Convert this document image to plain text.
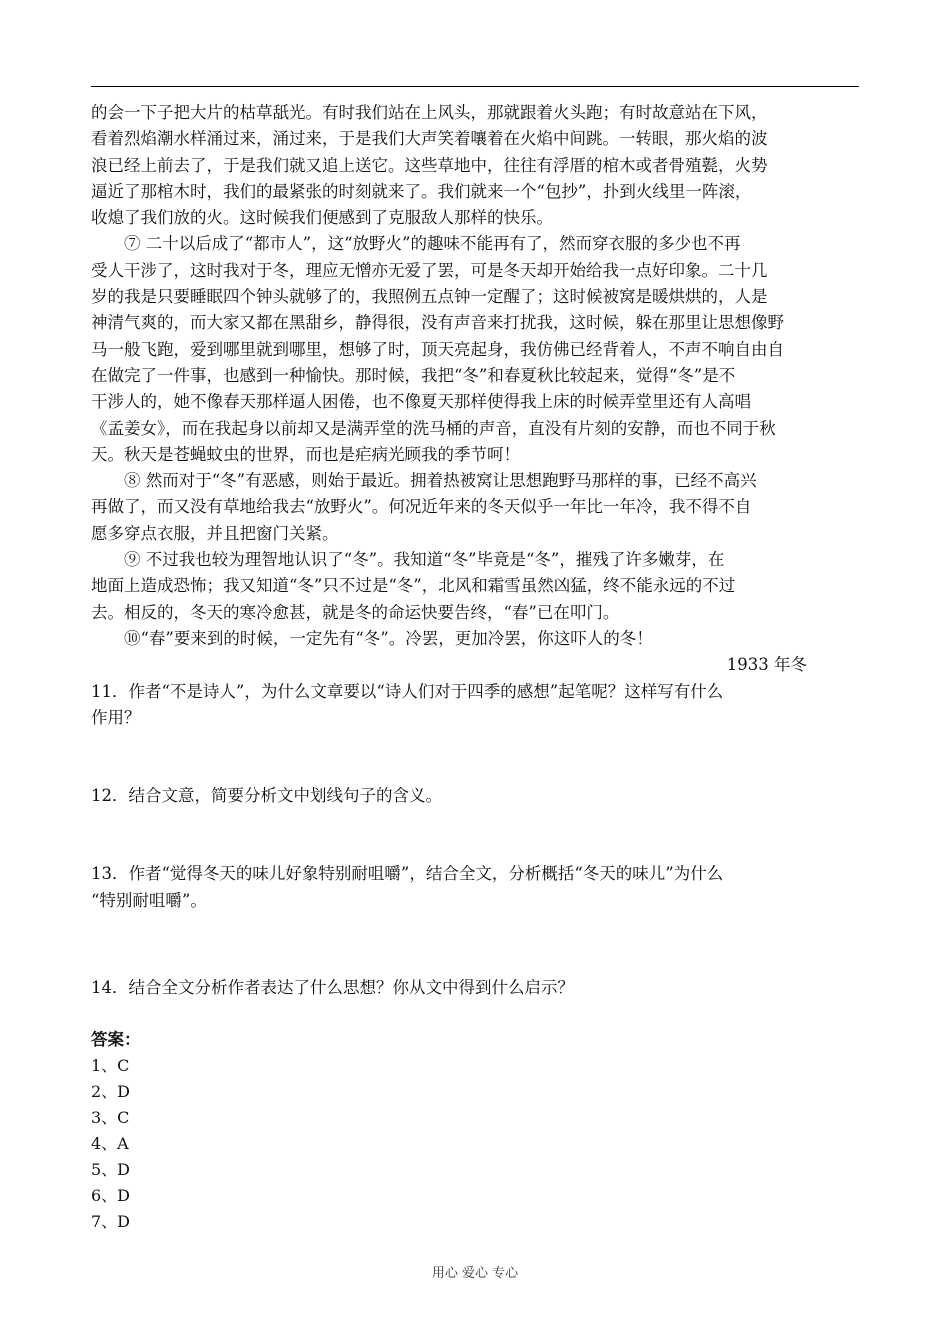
的会一下子把大片的枯草舐光。有时我们站在上风头，那就跟着火头跑；有时故意站在下风，
看着烈焰潮水样涌过来，涌过来，于是我们大声笑着嚷着在火焰中间跳。一转眼，那火焰的波
浪已经上前去了，于是我们就又追上送它。这些草地中，往往有浮厝的棺木或者骨殖甏，火势
逼近了那棺木时，我们的最紧张的时刻就来了。我们就来一个“包抄”，扑到火线里一阵滚，
收熄了我们放的火。这时候我们便感到了克服敌人那样的快乐。
⑦ 二十以后成了“都市人”，这“放野火”的趣味不能再有了，然而穿衣服的多少也不再
受人干涉了，这时我对于冬，理应无憎亦无爱了罢，可是冬天却开始给我一点好印象。二十几
岁的我是只要睡眠四个钟头就够了的，我照例五点钟一定醒了；这时候被窝是暖烘烘的，人是
神清气爽的，而大家又都在黑甜乡，静得很，没有声音来打扰我，这时候，躲在那里让思想像野
马一般飞跑，爱到哪里就到哪里，想够了时，顶天亮起身，我仿佛已经背着人，不声不响自由自
在做完了一件事，也感到一种愉快。那时候，我把“冬”和春夏秋比较起来，觉得“冬”是不
干涉人的，她不像春天那样逼人困倦，也不像夏天那样使得我上床的时候弄堂里还有人高唱
《孟姜女》，而在我起身以前却又是满弄堂的洗马桶的声音，直没有片刻的安静，而也不同于秋
天。秋天是苍蝇蚊虫的世界，而也是疟病光顾我的季节呵！
⑧ 然而对于“冬”有恶感，则始于最近。拥着热被窝让思想跑野马那样的事，已经不高兴
再做了，而又没有草地给我去“放野火”。何况近年来的冬天似乎一年比一年冷，我不得不自
愿多穿点衣服，并且把窗门关紧。
⑨ 不过我也较为理智地认识了“冬”。我知道“冬”毕竟是“冬”，摧残了许多嫩芽，在
地面上造成恐怖；我又知道“冬”只不过是“冬”，北风和霜雪虽然凶猛，终不能永远的不过
去。相反的，冬天的寒冷愈甚，就是冬的命运快要告终，“春”已在叩门。
⑩“春”要来到的时候，一定先有“冬”。冷罢，更加冷罢，你这吓人的冬！
1933 年冬
11．作者“不是诗人”，为什么文章要以“诗人们对于四季的感想”起笔呢？这样写有什么
作用？
12．结合文意，简要分析文中划线句子的含义。
13．作者“觉得冬天的味儿好象特别耐咀嚼”，结合全文，分析概括“冬天的味儿”为什么
“特别耐咀嚼”。
14．结合全文分析作者表达了什么思想？你从文中得到什么启示？
答案：
1、C
2、D
3、C
4、A
5、D
6、D
7、D
用心 爱心 专心
